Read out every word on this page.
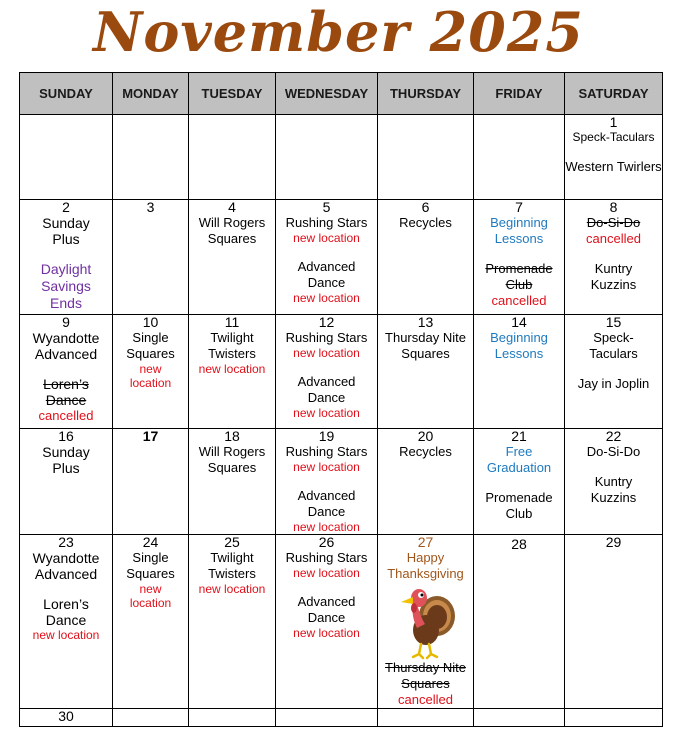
November 2025
SUNDAY	MONDAY	TUESDAY	WEDNESDAY	THURSDAY	FRIDAY	SATURDAY

						1
Speck-Taculars
Western Twirlers

2
Sunday Plus
Daylight Savings Ends	3	4
Will Rogers Squares	5
Rushing Stars
new location
Advanced Dance
new location	6
Recycles	7
Beginning Lessons
Promenade Club
cancelled	8
Do-Si-Do
cancelled
Kuntry Kuzzins

9
Wyandotte Advanced
Loren’s Dance
cancelled	10
Single Squares
new location	11
Twilight Twisters
new location	12
Rushing Stars
new location
Advanced Dance
new location	13
Thursday Nite Squares	14
Beginning Lessons	15
Speck-Taculars
Jay in Joplin

16
Sunday Plus	17	18
Will Rogers Squares	19
Rushing Stars
new location
Advanced Dance
new location	20
Recycles	21
Free Graduation
Promenade Club	22
Do-Si-Do
Kuntry Kuzzins

23
Wyandotte Advanced
Loren’s Dance
new location	24
Single Squares
new location	25
Twilight Twisters
new location	26
Rushing Stars
new location
Advanced Dance
new location	27
Happy Thanksgiving
Thursday Nite Squares
cancelled	28	29

30						
